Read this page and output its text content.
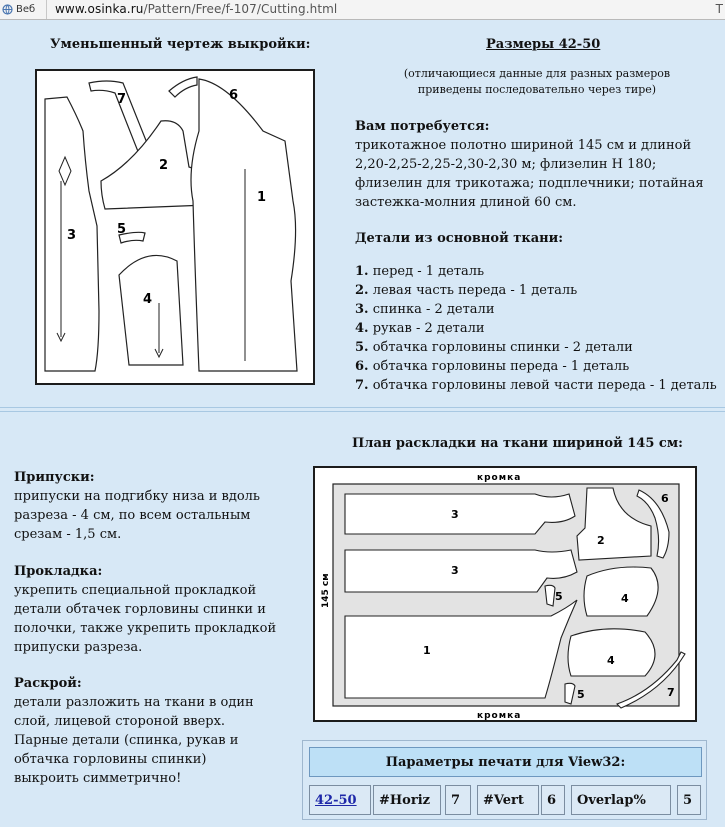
Веб www.osinka.ru/Pattern/Free/f-107/Cutting.html	Т
Уменьшенный чертеж выкройки:	Размеры 42-50
(отличающиеся данные для разных размеров
приведены последовательно через тире)
Вам потребуется:
трикотажное полотно шириной 145 см и длиной
2,20-2,25-2,25-2,30-2,30 м; флизелин Н 180;
флизелин для трикотажа; подплечники; потайная
застежка-молния длиной 60 см.
Детали из основной ткани:
1. перед - 1 деталь
2. левая часть переда - 1 деталь
3. спинка - 2 детали
4. рукав - 2 детали
5. обтачка горловины спинки - 2 детали
6. обтачка горловины переда - 1 деталь
7. обтачка горловины левой части переда - 1 деталь
7	6
2
1
3	5
4
План раскладки на ткани шириной 145 см:
Припуски:
припуски на подгибку низа и вдоль
разреза - 4 см, по всем остальным
срезам - 1,5 см.
Прокладка:
укрепить специальной прокладкой
детали обтачек горловины спинки и
полочки, также укрепить прокладкой
припуски разреза.
Раскрой:
детали разложить на ткани в один
слой, лицевой стороной вверх.
Парные детали (спинка, рукав и
обтачка горловины спинки)
выкроить симметрично!
кромка
кромка
145 см
3
3
1
2
4
4
5
5
6
7
Параметры печати для View32:
42-50	#Horiz	7	#Vert	6	Overlap%	5
